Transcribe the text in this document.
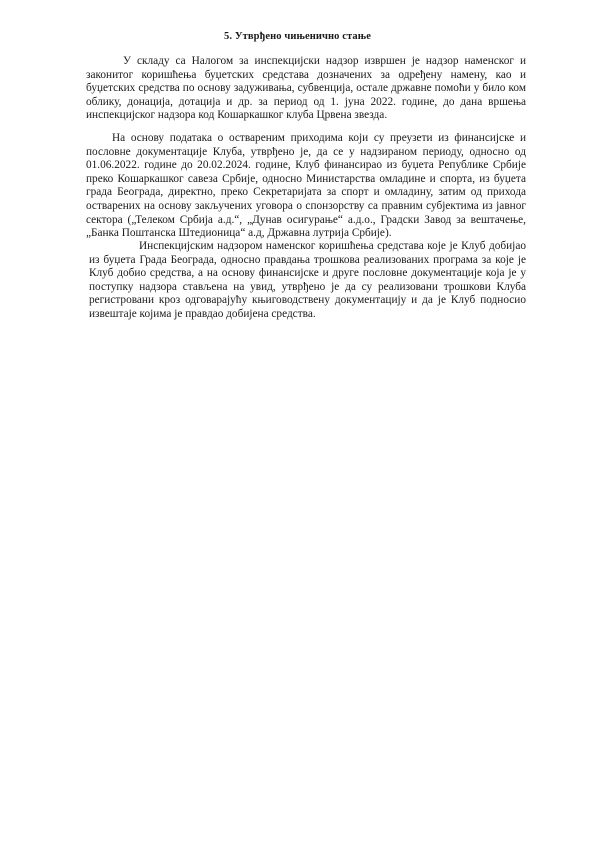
5. Утврђено чињенично стање

У складу са Налогом за инспекцијски надзор извршен је надзор наменског и законитог коришћења буџетских средстава дозначених за одређену намену, као и буџетских средства по основу задуживања, субвенција, остале државне помоћи у било ком облику, донација, дотација и др. за период од 1. јуна 2022. године, до дана вршења инспекцијског надзора код Кошаркашког клуба Црвена звезда.

На основу података о оствареним приходима који су преузети из финансијске и пословне документације Клуба, утврђено је, да се у надзираном периоду, односно од 01.06.2022. године до 20.02.2024. године, Клуб финансирао из буџета Републике Србије преко Кошаркашког савеза Србије, односно Министарства омладине и спорта, из буџета града Београда, директно, преко Секретаријата за спорт и омладину, затим од прихода остварених на основу закључених уговора о спонзорству са правним субјектима из јавног сектора („Телеком Србија а.д.“, „Дунав осигурање“ а.д.о., Градски Завод за вештачење, „Банка Поштанска Штедионица“ а.д, Државна лутрија Србије).

Инспекцијским надзором наменског коришћења средстава које је Клуб добијао из буџета Града Београда, односно правдања трошкова реализованих програма за које је Клуб добио средства, а на основу финансијске и друге пословне документације која је у поступку надзора стављена на увид, утврђено је да су реализовани трошкови Клуба регистровани кроз одговарајућу књиговодствену документацију и да је Клуб подносио извештаје којима је правдао добијена средства.
